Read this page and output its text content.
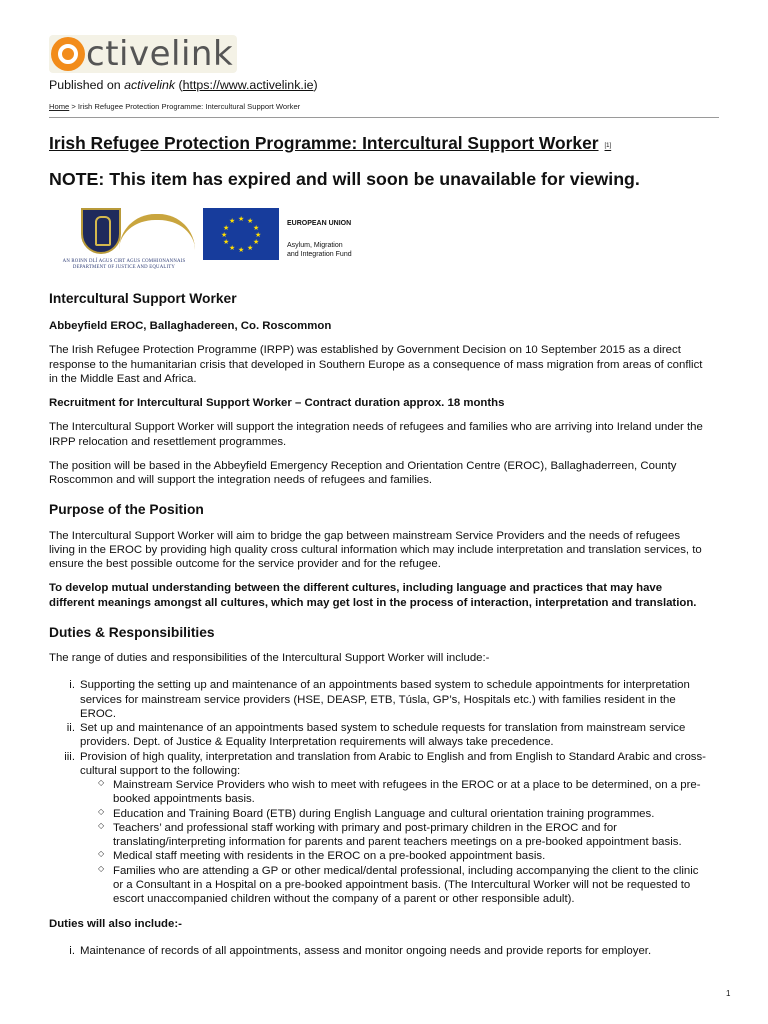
ctivelink
Published on activelink (https://www.activelink.ie)
Home > Irish Refugee Protection Programme: Intercultural Support Worker
Irish Refugee Protection Programme: Intercultural Support Worker [1]
NOTE: This item has expired and will soon be unavailable for viewing.
AN ROINN DLÍ AGUS CIRT AGUS COMHIONANNAIS
DEPARTMENT OF JUSTICE AND EQUALITY
★ ★
★
★
★
★
★
★
★
★
★
★	EUROPEAN UNION
Asylum, Migration
and Integration Fund
Intercultural Support Worker

Abbeyfield EROC, Ballaghadereen, Co. Roscommon

The Irish Refugee Protection Programme (IRPP) was established by Government Decision on 10 September 2015 as a direct response to the humanitarian crisis that developed in Southern Europe as a consequence of mass migration from areas of conflict in the Middle East and Africa.

Recruitment for Intercultural Support Worker – Contract duration approx. 18 months

The Intercultural Support Worker will support the integration needs of refugees and families who are arriving into Ireland under the IRPP relocation and resettlement programmes.

The position will be based in the Abbeyfield Emergency Reception and Orientation Centre (EROC), Ballaghaderreen, County Roscommon and will support the integration needs of refugees and families.

Purpose of the Position

The Intercultural Support Worker will aim to bridge the gap between mainstream Service Providers and the needs of refugees living in the EROC by providing high quality cross cultural information which may include interpretation and translation services, to ensure the best possible outcome for the service provider and for the refugee.

To develop mutual understanding between the different cultures, including language and practices that may have different meanings amongst all cultures, which may get lost in the process of interaction, interpretation and translation.

Duties & Responsibilities

The range of duties and responsibilities of the Intercultural Support Worker will include:-

i. Supporting the setting up and maintenance of an appointments based system to schedule appointments for interpretation services for mainstream service providers (HSE, DEASP, ETB, Túsla, GP’s, Hospitals etc.) with families resident in the EROC.
ii. Set up and maintenance of an appointments based system to schedule requests for translation from mainstream service providers. Dept. of Justice & Equality Interpretation requirements will always take precedence.
iii. Provision of high quality, interpretation and translation from Arabic to English and from English to Standard Arabic and cross-cultural support to the following:
◇ Mainstream Service Providers who wish to meet with refugees in the EROC or at a place to be determined, on a pre-booked appointments basis.
◇ Education and Training Board (ETB) during English Language and cultural orientation training programmes.
◇ Teachers’ and professional staff working with primary and post-primary children in the EROC and for translating/interpreting information for parents and parent teachers meetings on a pre-booked appointment basis.
◇ Medical staff meeting with residents in the EROC on a pre-booked appointment basis.
◇ Families who are attending a GP or other medical/dental professional, including accompanying the client to the clinic or a Consultant in a Hospital on a pre-booked appointment basis. (The Intercultural Worker will not be requested to escort unaccompanied children without the company of a parent or other responsible adult).

Duties will also include:-

i. Maintenance of records of all appointments, assess and monitor ongoing needs and provide reports for employer.
1
